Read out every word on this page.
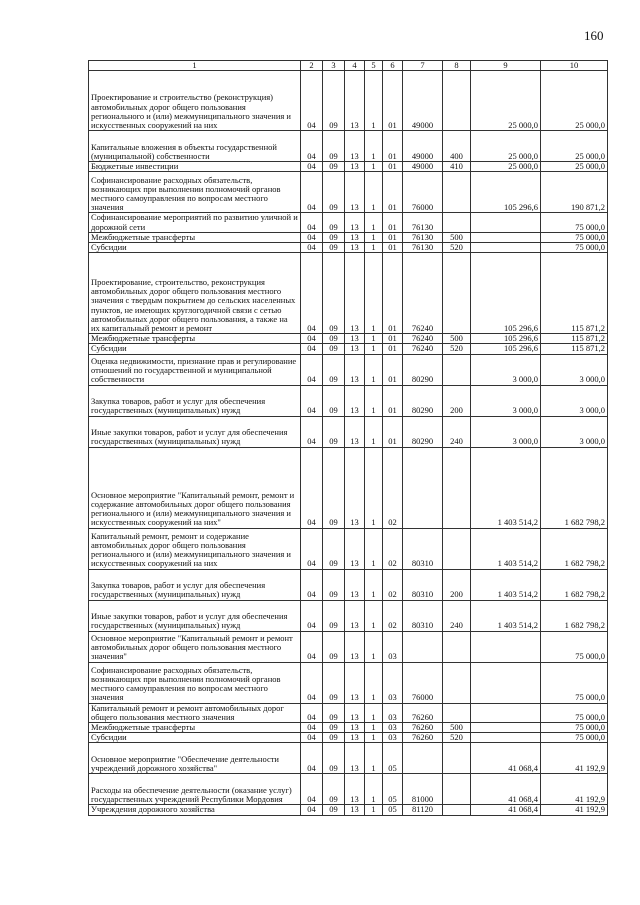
160
1	2	3	4	5	6	7	8	9	10
Проектирование и строительство (реконструкция) автомобильных дорог общего пользования регионального и (или) межмуниципального значения и искусственных сооружений на них	04	09	13	1	01	49000		25 000,0	25 000,0
Капитальные вложения в объекты государственной (муниципальной) собственности	04	09	13	1	01	49000	400	25 000,0	25 000,0
Бюджетные инвестиции	04	09	13	1	01	49000	410	25 000,0	25 000,0
Софинансирование расходных обязательств, возникающих при выполнении полномочий органов местного самоуправления по вопросам местного значения	04	09	13	1	01	76000		105 296,6	190 871,2
Софинансирование мероприятий по развитию уличной и дорожной сети	04	09	13	1	01	76130			75 000,0
Межбюджетные трансферты	04	09	13	1	01	76130	500		75 000,0
Субсидии	04	09	13	1	01	76130	520		75 000,0
Проектирование, строительство, реконструкция автомобильных дорог общего пользования местного значения с твердым покрытием до сельских населенных пунктов, не имеющих круглогодичной связи с сетью автомобильных дорог общего пользования, а также на их капитальный ремонт и ремонт	04	09	13	1	01	76240		105 296,6	115 871,2
Межбюджетные трансферты	04	09	13	1	01	76240	500	105 296,6	115 871,2
Субсидии	04	09	13	1	01	76240	520	105 296,6	115 871,2
Оценка недвижимости, признание прав и регулирование отношений по государственной и муниципальной собственности	04	09	13	1	01	80290		3 000,0	3 000,0
Закупка товаров, работ и услуг для обеспечения государственных (муниципальных) нужд	04	09	13	1	01	80290	200	3 000,0	3 000,0
Иные закупки товаров, работ и услуг для обеспечения государственных (муниципальных) нужд	04	09	13	1	01	80290	240	3 000,0	3 000,0
Основное мероприятие "Капитальный ремонт, ремонт и содержание автомобильных дорог общего пользования регионального и (или) межмуниципального значения и искусственных сооружений на них"	04	09	13	1	02			1 403 514,2	1 682 798,2
Капитальный ремонт, ремонт и содержание автомобильных дорог общего пользования регионального и (или) межмуниципального значения и искусственных сооружений на них	04	09	13	1	02	80310		1 403 514,2	1 682 798,2
Закупка товаров, работ и услуг для обеспечения государственных (муниципальных) нужд	04	09	13	1	02	80310	200	1 403 514,2	1 682 798,2
Иные закупки товаров, работ и услуг для обеспечения государственных (муниципальных) нужд	04	09	13	1	02	80310	240	1 403 514,2	1 682 798,2
Основное мероприятие "Капитальный ремонт и ремонт автомобильных дорог общего пользования местного значения"	04	09	13	1	03				75 000,0
Софинансирование расходных обязательств, возникающих при выполнении полномочий органов местного самоуправления по вопросам местного значения	04	09	13	1	03	76000			75 000,0
Капитальный ремонт и ремонт автомобильных дорог общего пользования местного значения	04	09	13	1	03	76260			75 000,0
Межбюджетные трансферты	04	09	13	1	03	76260	500		75 000,0
Субсидии	04	09	13	1	03	76260	520		75 000,0
Основное мероприятие "Обеспечение деятельности учреждений дорожного хозяйства"	04	09	13	1	05			41 068,4	41 192,9
Расходы на обеспечение деятельности (оказание услуг) государственных учреждений Республики Мордовия	04	09	13	1	05	81000		41 068,4	41 192,9
Учреждения дорожного хозяйства	04	09	13	1	05	81120		41 068,4	41 192,9
